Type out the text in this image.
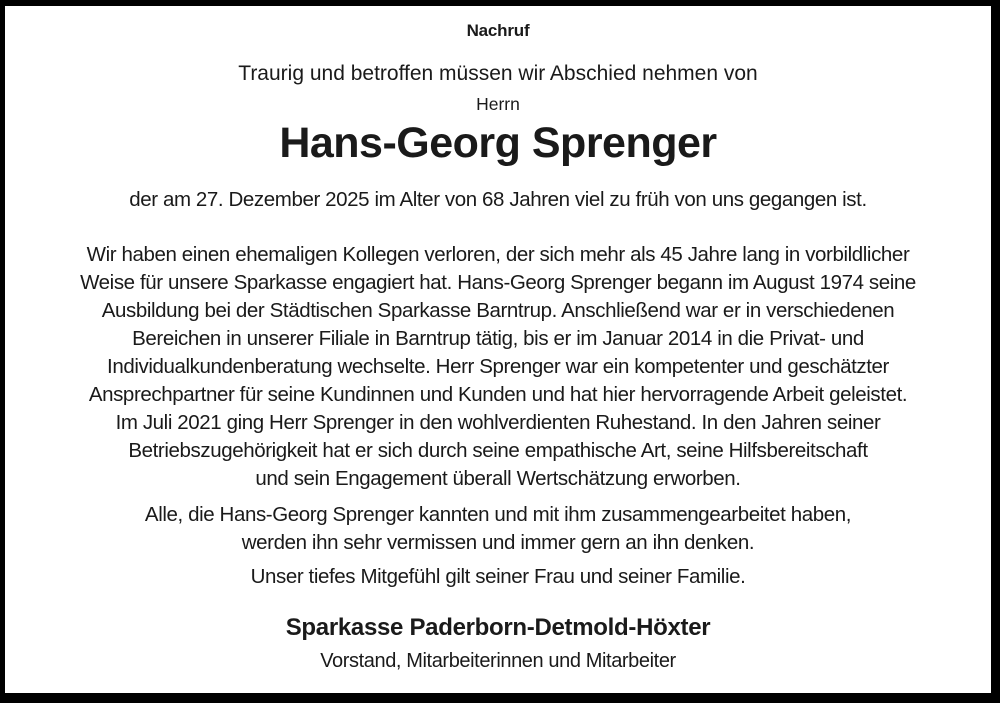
Nachruf
Traurig und betroffen müssen wir Abschied nehmen von
Herrn
Hans-Georg Sprenger
der am 27. Dezember 2025 im Alter von 68 Jahren viel zu früh von uns gegangen ist.
Wir haben einen ehemaligen Kollegen verloren, der sich mehr als 45 Jahre lang in vorbildlicher
Weise für unsere Sparkasse engagiert hat. Hans-Georg Sprenger begann im August 1974 seine
Ausbildung bei der Städtischen Sparkasse Barntrup. Anschließend war er in verschiedenen
Bereichen in unserer Filiale in Barntrup tätig, bis er im Januar 2014 in die Privat- und
Individualkundenberatung wechselte. Herr Sprenger war ein kompetenter und geschätzter
Ansprechpartner für seine Kundinnen und Kunden und hat hier hervorragende Arbeit geleistet.
Im Juli 2021 ging Herr Sprenger in den wohlverdienten Ruhestand. In den Jahren seiner
Betriebszugehörigkeit hat er sich durch seine empathische Art, seine Hilfsbereitschaft
und sein Engagement überall Wertschätzung erworben.
Alle, die Hans-Georg Sprenger kannten und mit ihm zusammengearbeitet haben,
werden ihn sehr vermissen und immer gern an ihn denken.
Unser tiefes Mitgefühl gilt seiner Frau und seiner Familie.
Sparkasse Paderborn-Detmold-Höxter
Vorstand, Mitarbeiterinnen und Mitarbeiter
